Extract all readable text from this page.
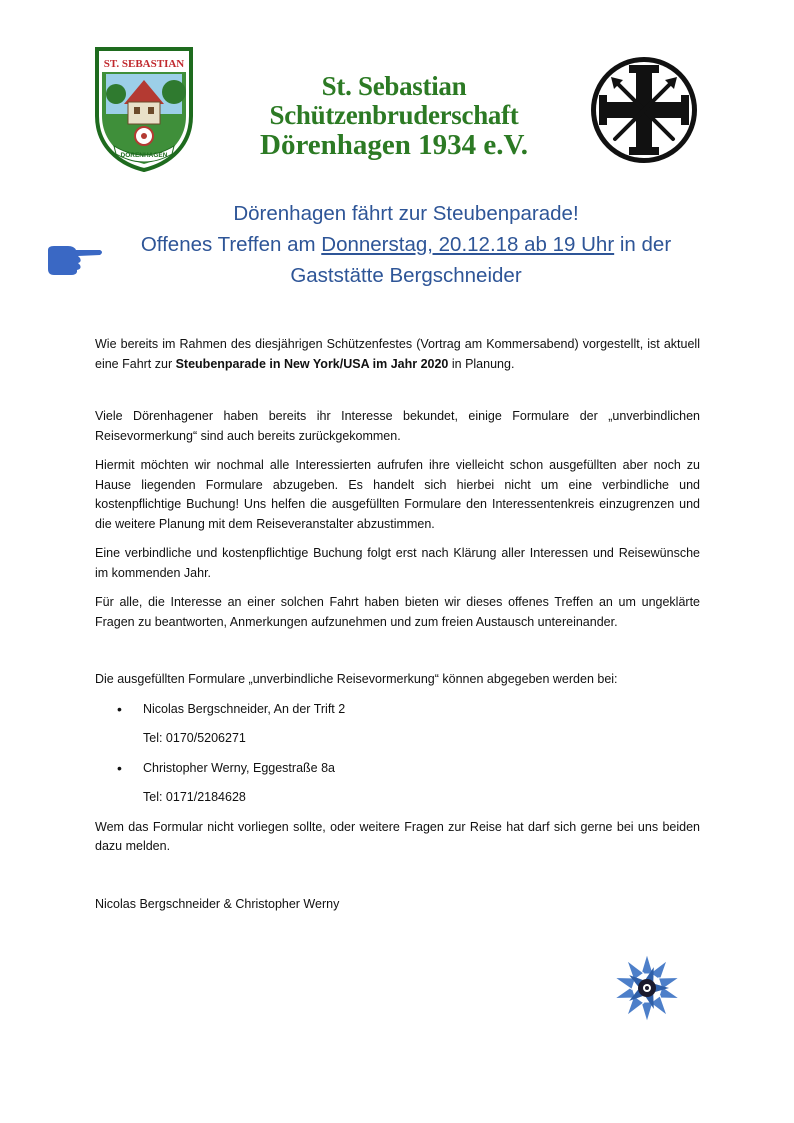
ST. SEBASTIAN
DÖRENHAGEN
St. Sebastian Schützenbruderschaft
Dörenhagen 1934 e.V.
Dörenhagen fährt zur Steubenparade!
Offenes Treffen am Donnerstag, 20.12.18 ab 19 Uhr in der
Gaststätte Bergschneider

Wie bereits im Rahmen des diesjährigen Schützenfestes (Vortrag am Kommersabend) vorgestellt, ist aktuell eine Fahrt zur Steubenparade in New York/USA im Jahr 2020 in Planung.

Viele Dörenhagener haben bereits ihr Interesse bekundet, einige Formulare der „unverbindlichen Reisevormerkung“ sind auch bereits zurückgekommen.

Hiermit möchten wir nochmal alle Interessierten aufrufen ihre vielleicht schon ausgefüllten aber noch zu Hause liegenden Formulare abzugeben. Es handelt sich hierbei nicht um eine verbindliche und kostenpflichtige Buchung! Uns helfen die ausgefüllten Formulare den Interessentenkreis einzugrenzen und die weitere Planung mit dem Reiseveranstalter abzustimmen.

Eine verbindliche und kostenpflichtige Buchung folgt erst nach Klärung aller Interessen und Reisewünsche im kommenden Jahr.

Für alle, die Interesse an einer solchen Fahrt haben bieten wir dieses offenes Treffen an um ungeklärte Fragen zu beantworten, Anmerkungen aufzunehmen und zum freien Austausch untereinander.

Die ausgefüllten Formulare „unverbindliche Reisevormerkung“ können abgegeben werden bei:

• Nicolas Bergschneider, An der Trift 2

Tel: 0170/5206271

• Christopher Werny, Eggestraße 8a

Tel: 0171/2184628

Wem das Formular nicht vorliegen sollte, oder weitere Fragen zur Reise hat darf sich gerne bei uns beiden dazu melden.

Nicolas Bergschneider & Christopher Werny
